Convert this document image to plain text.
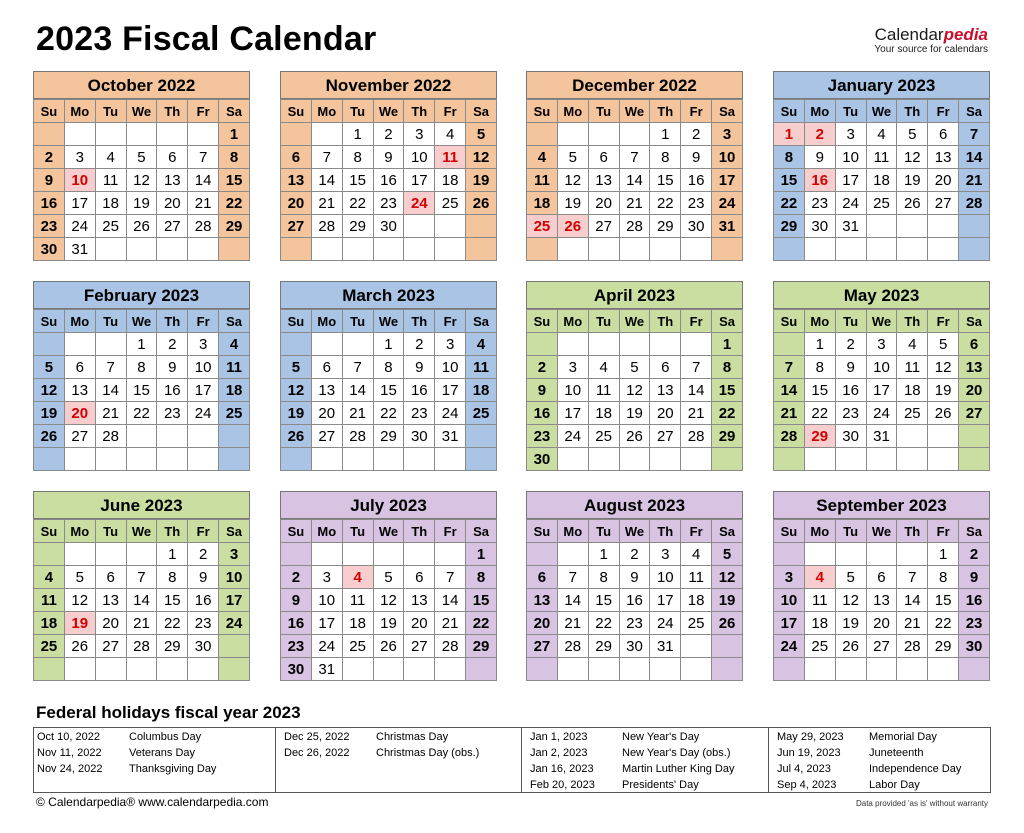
2023 Fiscal Calendar	Calendarpedia
Your source for calendars
October 2022
Su	Mo	Tu	We	Th	Fr	Sa
						1
2	3	4	5	6	7	8
9	10	11	12	13	14	15
16	17	18	19	20	21	22
23	24	25	26	27	28	29
30	31					
November 2022
Su	Mo	Tu	We	Th	Fr	Sa
		1	2	3	4	5
6	7	8	9	10	11	12
13	14	15	16	17	18	19
20	21	22	23	24	25	26
27	28	29	30			

December 2022
Su	Mo	Tu	We	Th	Fr	Sa
				1	2	3
4	5	6	7	8	9	10
11	12	13	14	15	16	17
18	19	20	21	22	23	24
25	26	27	28	29	30	31

January 2023
Su	Mo	Tu	We	Th	Fr	Sa
1	2	3	4	5	6	7
8	9	10	11	12	13	14
15	16	17	18	19	20	21
22	23	24	25	26	27	28
29	30	31				

February 2023
Su	Mo	Tu	We	Th	Fr	Sa
			1	2	3	4
5	6	7	8	9	10	11
12	13	14	15	16	17	18
19	20	21	22	23	24	25
26	27	28				

March 2023
Su	Mo	Tu	We	Th	Fr	Sa
			1	2	3	4
5	6	7	8	9	10	11
12	13	14	15	16	17	18
19	20	21	22	23	24	25
26	27	28	29	30	31	

April 2023
Su	Mo	Tu	We	Th	Fr	Sa
						1
2	3	4	5	6	7	8
9	10	11	12	13	14	15
16	17	18	19	20	21	22
23	24	25	26	27	28	29
30						
May 2023
Su	Mo	Tu	We	Th	Fr	Sa
	1	2	3	4	5	6
7	8	9	10	11	12	13
14	15	16	17	18	19	20
21	22	23	24	25	26	27
28	29	30	31			

June 2023
Su	Mo	Tu	We	Th	Fr	Sa
				1	2	3
4	5	6	7	8	9	10
11	12	13	14	15	16	17
18	19	20	21	22	23	24
25	26	27	28	29	30	

July 2023
Su	Mo	Tu	We	Th	Fr	Sa
						1
2	3	4	5	6	7	8
9	10	11	12	13	14	15
16	17	18	19	20	21	22
23	24	25	26	27	28	29
30	31					
August 2023
Su	Mo	Tu	We	Th	Fr	Sa
		1	2	3	4	5
6	7	8	9	10	11	12
13	14	15	16	17	18	19
20	21	22	23	24	25	26
27	28	29	30	31		

September 2023
Su	Mo	Tu	We	Th	Fr	Sa
					1	2
3	4	5	6	7	8	9
10	11	12	13	14	15	16
17	18	19	20	21	22	23
24	25	26	27	28	29	30

Federal holidays fiscal year 2023
Oct 10, 2022	Columbus Day
Nov 11, 2022 Veterans Day
Nov 24, 2022 Thanksgiving Day
Dec 25, 2022 Christmas Day
Dec 26, 2022 Christmas Day (obs.)
Jan 1, 2023	New Year's Day
Jan 2, 2023	New Year's Day (obs.)
Jan 16, 2023	Martin Luther King Day
Feb 20, 2023 Presidents' Day
May 29, 2023 Memorial Day
Jun 19, 2023	Juneteenth
Jul 4, 2023	Independence Day
Sep 4, 2023	Labor Day
© Calendarpedia® www.calendarpedia.com	Data provided 'as is' without warranty
